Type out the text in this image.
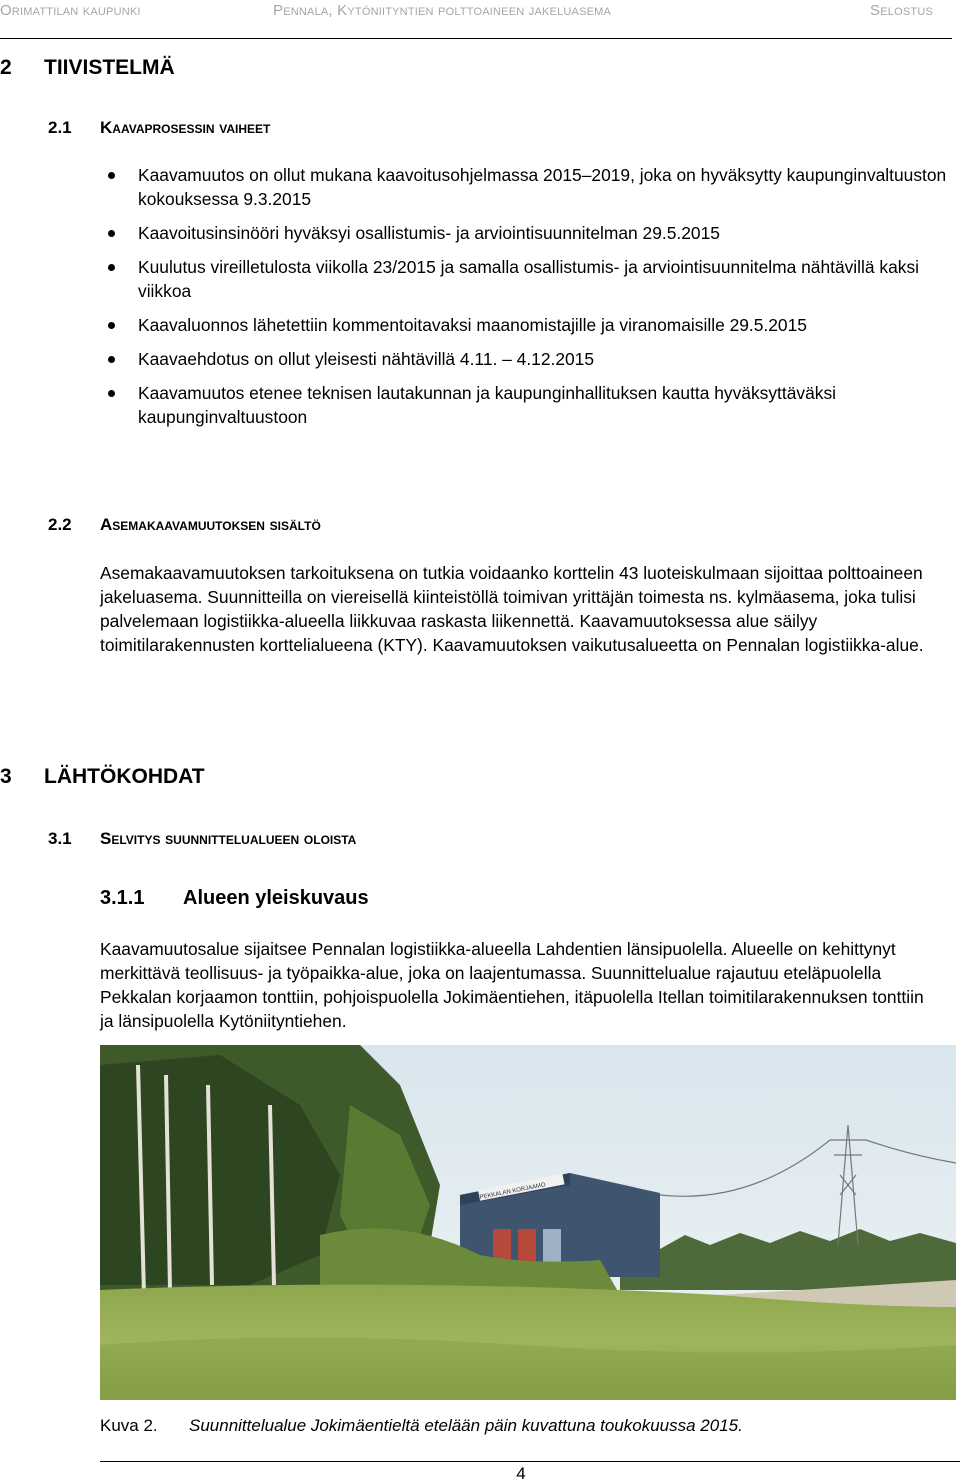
Orimattilan kaupunki	Pennala, Kytöniityntien polttoaineen jakeluasema	Selostus
2 TIIVISTELMÄ
2.1 Kaavaprosessin vaiheet
Kaavamuutos on ollut mukana kaavoitusohjelmassa 2015–2019, joka on hyväksytty kaupunginvaltuuston kokouksessa 9.3.2015
Kaavoitusinsinööri hyväksyi osallistumis- ja arviointisuunnitelman 29.5.2015
Kuulutus vireilletulosta viikolla 23/2015 ja samalla osallistumis- ja arviointisuunnitelma nähtävillä kaksi viikkoa
Kaavaluonnos lähetettiin kommentoitavaksi maanomistajille ja viranomaisille 29.5.2015
Kaavaehdotus on ollut yleisesti nähtävillä 4.11. – 4.12.2015
Kaavamuutos etenee teknisen lautakunnan ja kaupunginhallituksen kautta hyväksyttäväksi kaupunginvaltuustoon
2.2 Asemakaavamuutoksen sisältö

Asemakaavamuutoksen tarkoituksena on tutkia voidaanko korttelin 43 luoteiskulmaan sijoittaa polttoaineen jakeluasema. Suunnitteilla on viereisellä kiinteistöllä toimivan yrittäjän toimesta ns. kylmäasema, joka tulisi palvelemaan logistiikka-alueella liikkuvaa raskasta liikennettä. Kaavamuutoksessa alue säilyy toimitilarakennusten korttelialueena (KTY). Kaavamuutoksen vaikutusalueetta on Pennalan logistiikka-alue.

3 LÄHTÖKOHDAT
3.1 Selvitys suunnittelualueen oloista
3.1.1 Alueen yleiskuvaus

Kaavamuutosalue sijaitsee Pennalan logistiikka-alueella Lahdentien länsipuolella. Alueelle on kehittynyt merkittävä teollisuus- ja työpaikka-alue, joka on laajentumassa. Suunnittelualue rajautuu eteläpuolella Pekkalan korjaamon tonttiin, pohjoispuolella Jokimäentiehen, itäpuolella Itellan toimitilarakennuksen tonttiin ja länsipuolella Kytöniityntiehen.

PEKKALAN KORJAAMO
Kuva 2. Suunnittelualue Jokimäentieltä etelään päin kuvattuna toukokuussa 2015.
4
